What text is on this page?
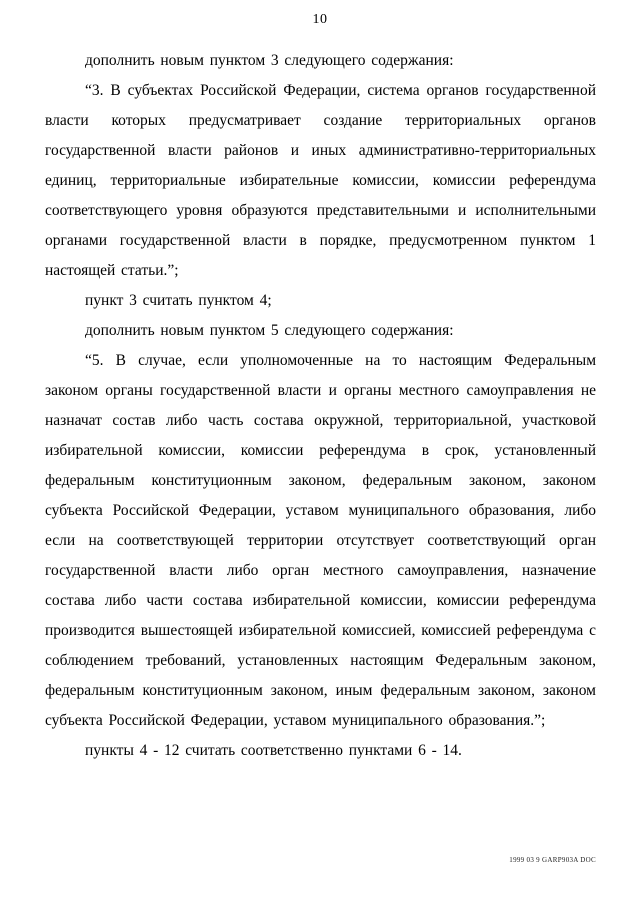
10

дополнить новым пунктом 3 следующего содержания:

“3. В субъектах Российской Федерации, система органов государственной власти которых предусматривает создание территориальных органов государственной власти районов и иных административно-территориальных единиц, территориальные избирательные комиссии, комиссии референдума соответствующего уровня образуются представительными и исполнительными органами государственной власти в порядке, предусмотренном пунктом 1 настоящей статьи.”;

пункт 3 считать пунктом 4;

дополнить новым пунктом 5 следующего содержания:

“5. В случае, если уполномоченные на то настоящим Федеральным законом органы государственной власти и органы местного самоуправления не назначат состав либо часть состава окружной, территориальной, участковой избирательной комиссии, комиссии референдума в срок, установленный федеральным конституционным законом, федеральным законом, законом субъекта Российской Федерации, уставом муниципального образования, либо если на соответствующей территории отсутствует соответствующий орган государственной власти либо орган местного самоуправления, назначение состава либо части состава избирательной комиссии, комиссии референдума производится вышестоящей избирательной комиссией, комиссией референдума с соблюдением требований, установленных настоящим Федеральным законом, федеральным конституционным законом, иным федеральным законом, законом субъекта Российской Федерации, уставом муниципального образования.”;

пункты 4 - 12 считать соответственно пунктами 6 - 14.

1999 03 9 GARP903A DOC
